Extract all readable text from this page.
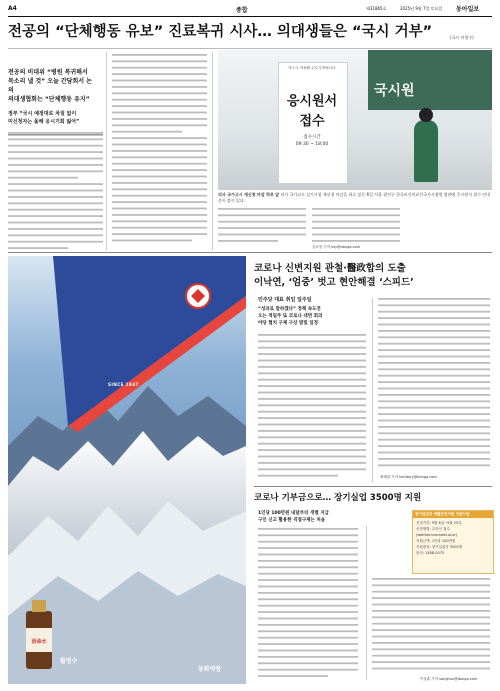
A4	종합	제31865호	2025년 9월 7일 토요일 동아일보
전공의 “단체행동 유보” 진료복귀 시사… 의대생들은 “국시 거부”	(국시 미접수)
전공의 비대위 “병원 복귀해서
목소리 낼 것” 오늘 간담회서 논의
의대생협회는 “단체행동 유지”
정부 “국시 예정대로 차질 없이
미신청자는 올해 응시기회 잃어”
국시원
마스크 착용해 주시기 바랍니다
응시원서
접수
접수시간
09:30 ~ 18:00
의사 국가고시 재신청 마감 하루 앞 의사 국가고시 실기시험 재신청 마감을 하루 앞둔 6일 서울 광진구 한국보건의료인국가시험원 별관에 응시원서 접수 안내문이 붙어 있다.
김소영 기자 ksy@donga.com
活命水
SINCE 1947
동화약품
활명수
코로나 신변지원 관철·醫政합의 도출
이낙연, ‘엄중’ 벗고 현안해결 ‘스피드’
민주당 대표 취임 일주일
“성과로 말하겠다” 정책 속도전
오는 적립주 또 코로나 대면 회의
야당 협치 구체 구상 발빛 일정
최혜령 기자 herstory@donga.com
코로나 기부금으로… 장기실업 3500명 지원
1인당 100만원 내달부터 개별 지급
구인 신고 활용한 직접구제는 처음
장기실업자 생활안정지원 지원사업
신청기간: 9월 8일~9월 22일
신청방법: 온라인 접수
(welfare.kcomwel.or.kr)
지원금액: 1인당 100만원
지원대상: 장기실업자 3500명
문의: 1588-0075
이상훈 기자 sanghun@donga.com
